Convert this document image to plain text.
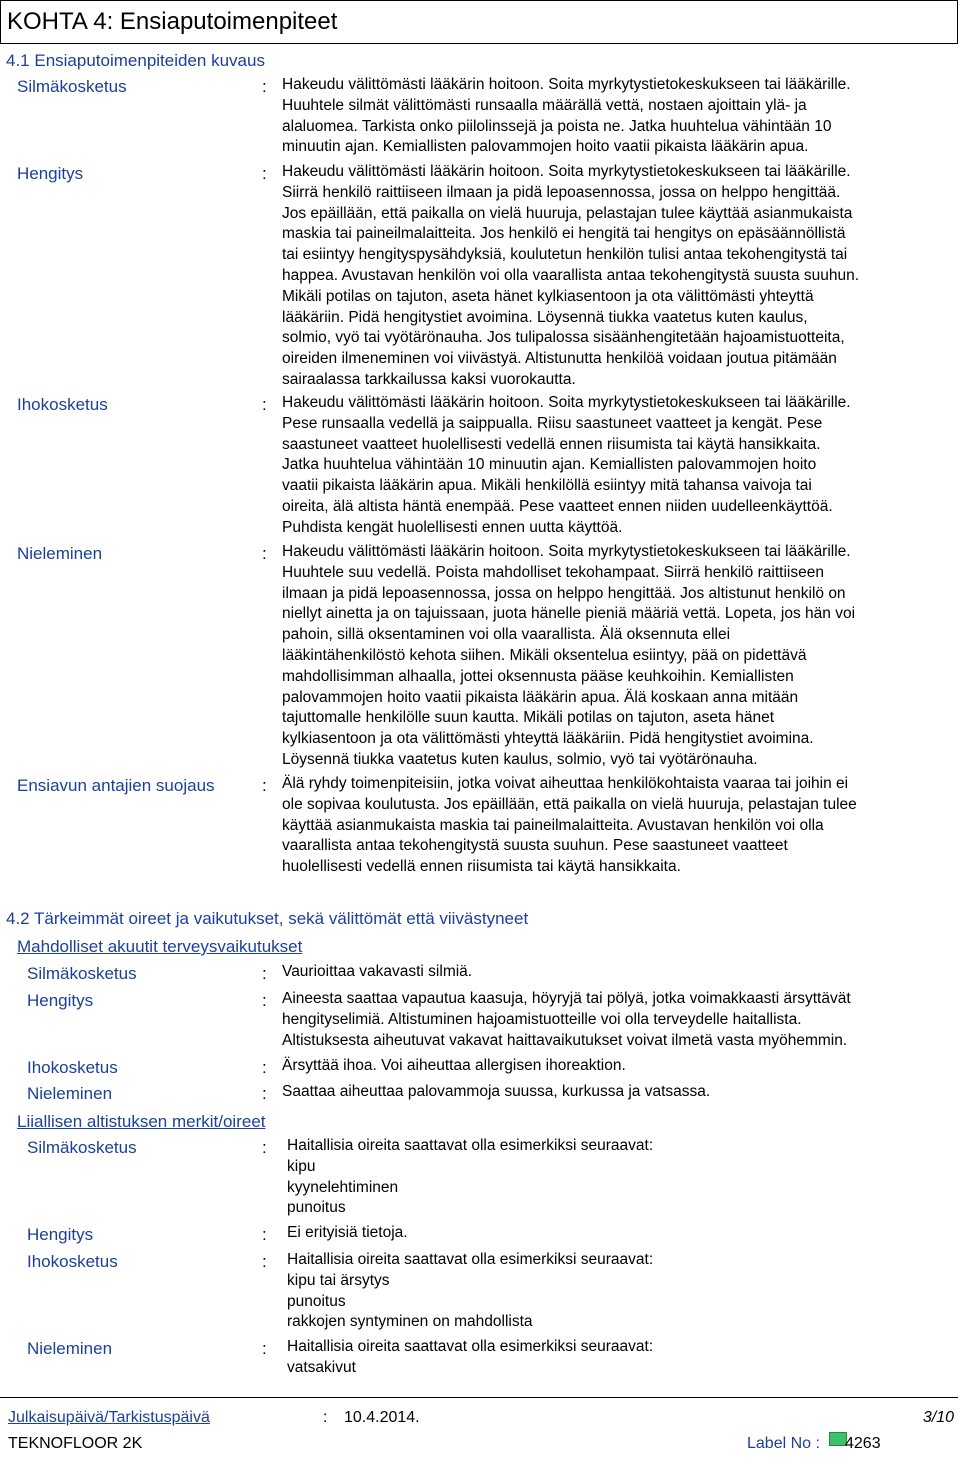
KOHTA 4: Ensiaputoimenpiteet
4.1 Ensiaputoimenpiteiden kuvaus
Silmäkosketus	: Hakeudu välittömästi lääkärin hoitoon. Soita myrkytystietokeskukseen tai lääkärille.
Huuhtele silmät välittömästi runsaalla määrällä vettä, nostaen ajoittain ylä- ja
alaluomea. Tarkista onko piilolinssejä ja poista ne. Jatka huuhtelua vähintään 10
minuutin ajan. Kemiallisten palovammojen hoito vaatii pikaista lääkärin apua.
Hengitys	: Hakeudu välittömästi lääkärin hoitoon. Soita myrkytystietokeskukseen tai lääkärille.
Siirrä henkilö raittiiseen ilmaan ja pidä lepoasennossa, jossa on helppo hengittää.
Jos epäillään, että paikalla on vielä huuruja, pelastajan tulee käyttää asianmukaista
maskia tai paineilmalaitteita. Jos henkilö ei hengitä tai hengitys on epäsäännöllistä
tai esiintyy hengityspysähdyksiä, koulutetun henkilön tulisi antaa tekohengitystä tai
happea. Avustavan henkilön voi olla vaarallista antaa tekohengitystä suusta suuhun.
Mikäli potilas on tajuton, aseta hänet kylkiasentoon ja ota välittömästi yhteyttä
lääkäriin. Pidä hengitystiet avoimina. Löysennä tiukka vaatetus kuten kaulus,
solmio, vyö tai vyötärönauha. Jos tulipalossa sisäänhengitetään hajoamistuotteita,
oireiden ilmeneminen voi viivästyä. Altistunutta henkilöä voidaan joutua pitämään
sairaalassa tarkkailussa kaksi vuorokautta.
Ihokosketus	: Hakeudu välittömästi lääkärin hoitoon. Soita myrkytystietokeskukseen tai lääkärille.
Pese runsaalla vedellä ja saippualla. Riisu saastuneet vaatteet ja kengät. Pese
saastuneet vaatteet huolellisesti vedellä ennen riisumista tai käytä hansikkaita.
Jatka huuhtelua vähintään 10 minuutin ajan. Kemiallisten palovammojen hoito
vaatii pikaista lääkärin apua. Mikäli henkilöllä esiintyy mitä tahansa vaivoja tai
oireita, älä altista häntä enempää. Pese vaatteet ennen niiden uudelleenkäyttöä.
Puhdista kengät huolellisesti ennen uutta käyttöä.
Nieleminen	: Hakeudu välittömästi lääkärin hoitoon. Soita myrkytystietokeskukseen tai lääkärille.
Huuhtele suu vedellä. Poista mahdolliset tekohampaat. Siirrä henkilö raittiiseen
ilmaan ja pidä lepoasennossa, jossa on helppo hengittää. Jos altistunut henkilö on
niellyt ainetta ja on tajuissaan, juota hänelle pieniä määriä vettä. Lopeta, jos hän voi
pahoin, sillä oksentaminen voi olla vaarallista. Älä oksennuta ellei
lääkintähenkilöstö kehota siihen. Mikäli oksentelua esiintyy, pää on pidettävä
mahdollisimman alhaalla, jottei oksennusta pääse keuhkoihin. Kemiallisten
palovammojen hoito vaatii pikaista lääkärin apua. Älä koskaan anna mitään
tajuttomalle henkilölle suun kautta. Mikäli potilas on tajuton, aseta hänet
kylkiasentoon ja ota välittömästi yhteyttä lääkäriin. Pidä hengitystiet avoimina.
Löysennä tiukka vaatetus kuten kaulus, solmio, vyö tai vyötärönauha.
Ensiavun antajien suojaus	: Älä ryhdy toimenpiteisiin, jotka voivat aiheuttaa henkilökohtaista vaaraa tai joihin ei
ole sopivaa koulutusta. Jos epäillään, että paikalla on vielä huuruja, pelastajan tulee
käyttää asianmukaista maskia tai paineilmalaitteita. Avustavan henkilön voi olla
vaarallista antaa tekohengitystä suusta suuhun. Pese saastuneet vaatteet
huolellisesti vedellä ennen riisumista tai käytä hansikkaita.
4.2 Tärkeimmät oireet ja vaikutukset, sekä välittömät että viivästyneet
Mahdolliset akuutit terveysvaikutukset
Silmäkosketus	: Vaurioittaa vakavasti silmiä.
Hengitys	: Aineesta saattaa vapautua kaasuja, höyryjä tai pölyä, jotka voimakkaasti ärsyttävät
hengityselimiä. Altistuminen hajoamistuotteille voi olla terveydelle haitallista.
Altistuksesta aiheutuvat vakavat haittavaikutukset voivat ilmetä vasta myöhemmin.
Ihokosketus	: Ärsyttää ihoa. Voi aiheuttaa allergisen ihoreaktion.
Nieleminen	: Saattaa aiheuttaa palovammoja suussa, kurkussa ja vatsassa.
Liiallisen altistuksen merkit/oireet
Silmäkosketus	: Haitallisia oireita saattavat olla esimerkiksi seuraavat:
kipu
kyynelehtiminen
punoitus
Hengitys	: Ei erityisiä tietoja.
Ihokosketus	: Haitallisia oireita saattavat olla esimerkiksi seuraavat:
kipu tai ärsytys
punoitus
rakkojen syntyminen on mahdollista
Nieleminen	: Haitallisia oireita saattavat olla esimerkiksi seuraavat:
vatsakivut
Julkaisupäivä/Tarkistuspäivä	: 10.4.2014.	3/10
TEKNOFLOOR 2K	Label No : 4263
